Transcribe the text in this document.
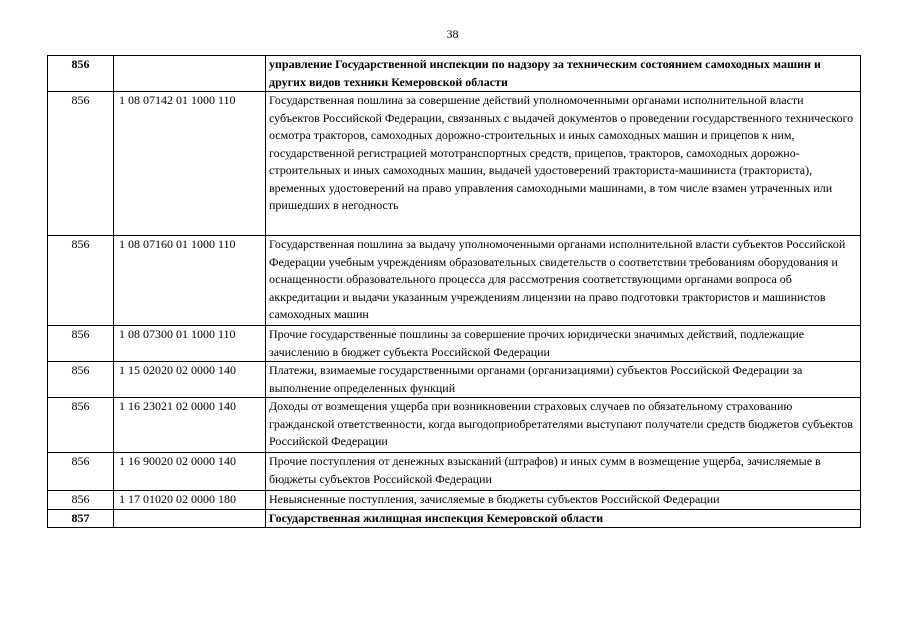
38
856		управление Государственной инспекции по надзору за техническим состоянием самоходных машин и других видов техники Кемеровской области
856	1 08 07142 01 1000 110	Государственная пошлина за совершение действий уполномоченными органами исполнительной власти субъектов Российской Федерации, связанных с выдачей документов о проведении государственного технического осмотра тракторов, самоходных дорожно-строительных и иных самоходных машин и прицепов к ним, государственной регистрацией мототранспортных средств, прицепов, тракторов, самоходных дорожно-строительных и иных самоходных машин, выдачей удостоверений тракториста-машиниста (тракториста), временных удостоверений на право управления самоходными машинами, в том числе взамен утраченных или пришедших в негодность
856	1 08 07160 01 1000 110	Государственная пошлина за выдачу уполномоченными органами исполнительной власти субъектов Российской Федерации учебным учреждениям образовательных свидетельств о соответствии требованиям оборудования и оснащенности образовательного процесса для рассмотрения соответствующими органами вопроса об аккредитации и выдачи указанным учреждениям лицензии на право подготовки трактористов и машинистов самоходных машин
856	1 08 07300 01 1000 110	Прочие государственные пошлины за совершение прочих юридически значимых действий, подлежащие зачислению в бюджет субъекта Российской Федерации
856	1 15 02020 02 0000 140	Платежи, взимаемые государственными органами (организациями) субъектов Российской Федерации за выполнение определенных функций
856	1 16 23021 02 0000 140	Доходы от возмещения ущерба при возникновении страховых случаев по обязательному страхованию гражданской ответственности, когда выгодоприобретателями выступают получатели средств бюджетов субъектов Российской Федерации
856	1 16 90020 02 0000 140	Прочие поступления от денежных взысканий (штрафов) и иных сумм в возмещение ущерба, зачисляемые в бюджеты субъектов Российской Федерации
856	1 17 01020 02 0000 180	Невыясненные поступления, зачисляемые в бюджеты субъектов Российской Федерации
857		Государственная жилищная инспекция Кемеровской области
